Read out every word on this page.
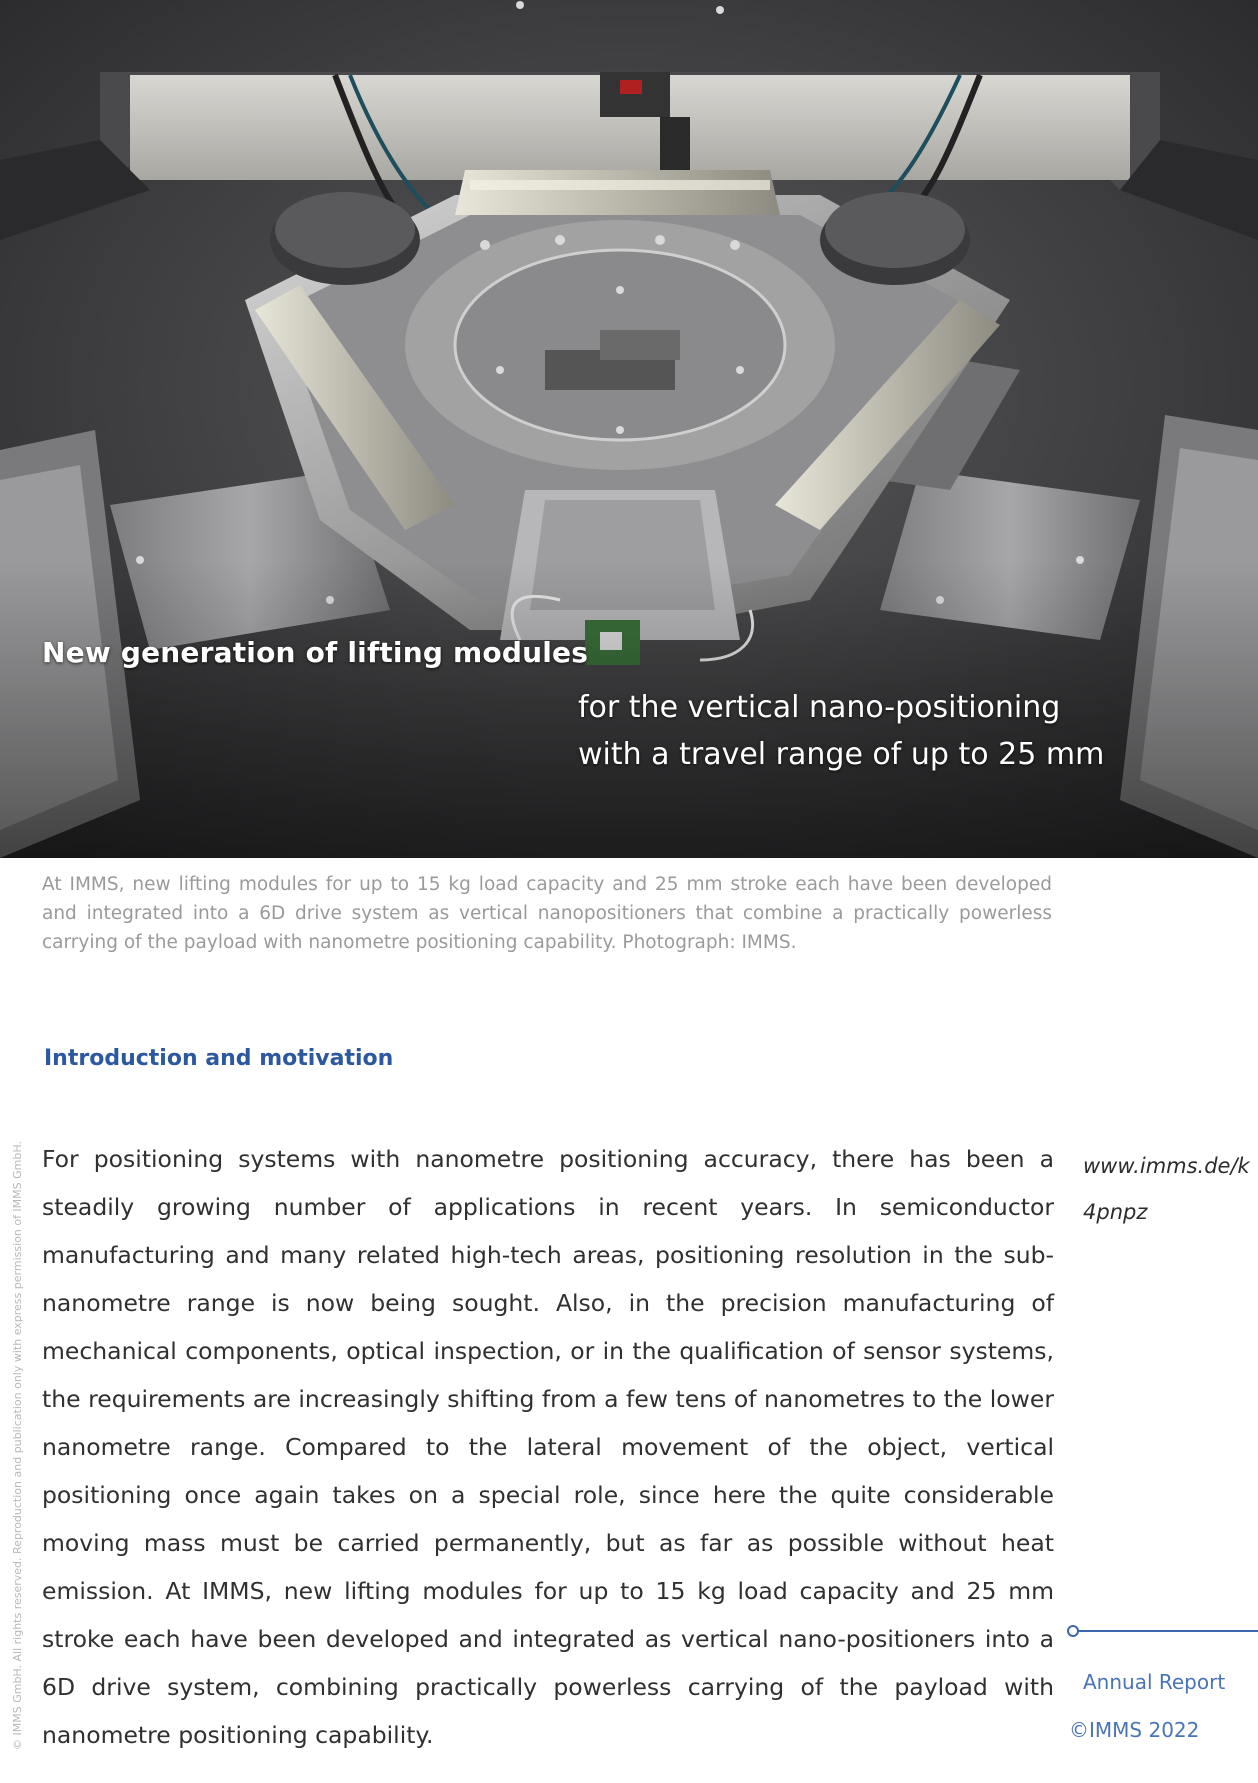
New generation of lifting modules

for the vertical nano-positioning
with a travel range of up to 25 mm

At IMMS, new lifting modules for up to 15 kg load capacity and 25 mm stroke each have been developed and integrated into a 6D drive system as vertical nanopositioners that combine a practically powerless carrying of the payload with nanometre positioning capability. Photograph: IMMS.

© IMMS GmbH. All rights reserved. Reproduction and publication only with express permission of IMMS GmbH.
Introduction and motivation

For positioning systems with nanometre positioning accuracy, there has been a steadily growing number of applications in recent years. In semiconductor manufacturing and many related high-tech areas, positioning resolution in the sub-nanometre range is now being sought. Also, in the precision manufacturing of mechanical components, optical inspection, or in the qualification of sensor systems, the requirements are increasingly shifting from a few tens of nanometres to the lower nanometre range. Compared to the lateral movement of the object, vertical positioning once again takes on a special role, since here the quite considerable moving mass must be carried permanently, but as far as possible without heat emission. At IMMS, new lifting modules for up to 15 kg load capacity and 25 mm stroke each have been developed and integrated as vertical nano-positioners into a 6D drive system, combining practically powerless carrying of the payload with nanometre positioning capability.

www.imms.de/k4pnpz
Annual Report
©IMMS 2022
